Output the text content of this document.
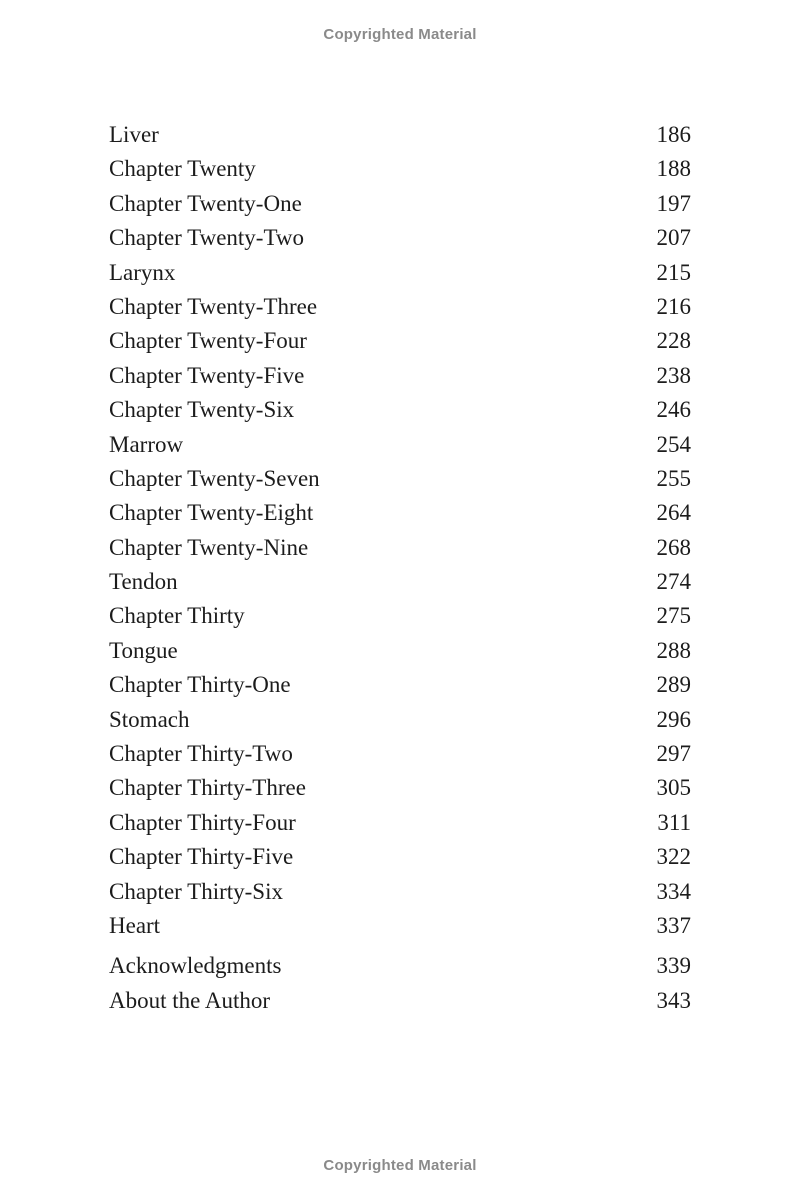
Copyrighted Material
Liver	186
Chapter Twenty	188
Chapter Twenty-One	197
Chapter Twenty-Two	207
Larynx	215
Chapter Twenty-Three	216
Chapter Twenty-Four	228
Chapter Twenty-Five	238
Chapter Twenty-Six	246
Marrow	254
Chapter Twenty-Seven	255
Chapter Twenty-Eight	264
Chapter Twenty-Nine	268
Tendon	274
Chapter Thirty	275
Tongue	288
Chapter Thirty-One	289
Stomach	296
Chapter Thirty-Two	297
Chapter Thirty-Three	305
Chapter Thirty-Four	311
Chapter Thirty-Five	322
Chapter Thirty-Six	334
Heart	337
Acknowledgments	339
About the Author	343
Copyrighted Material
